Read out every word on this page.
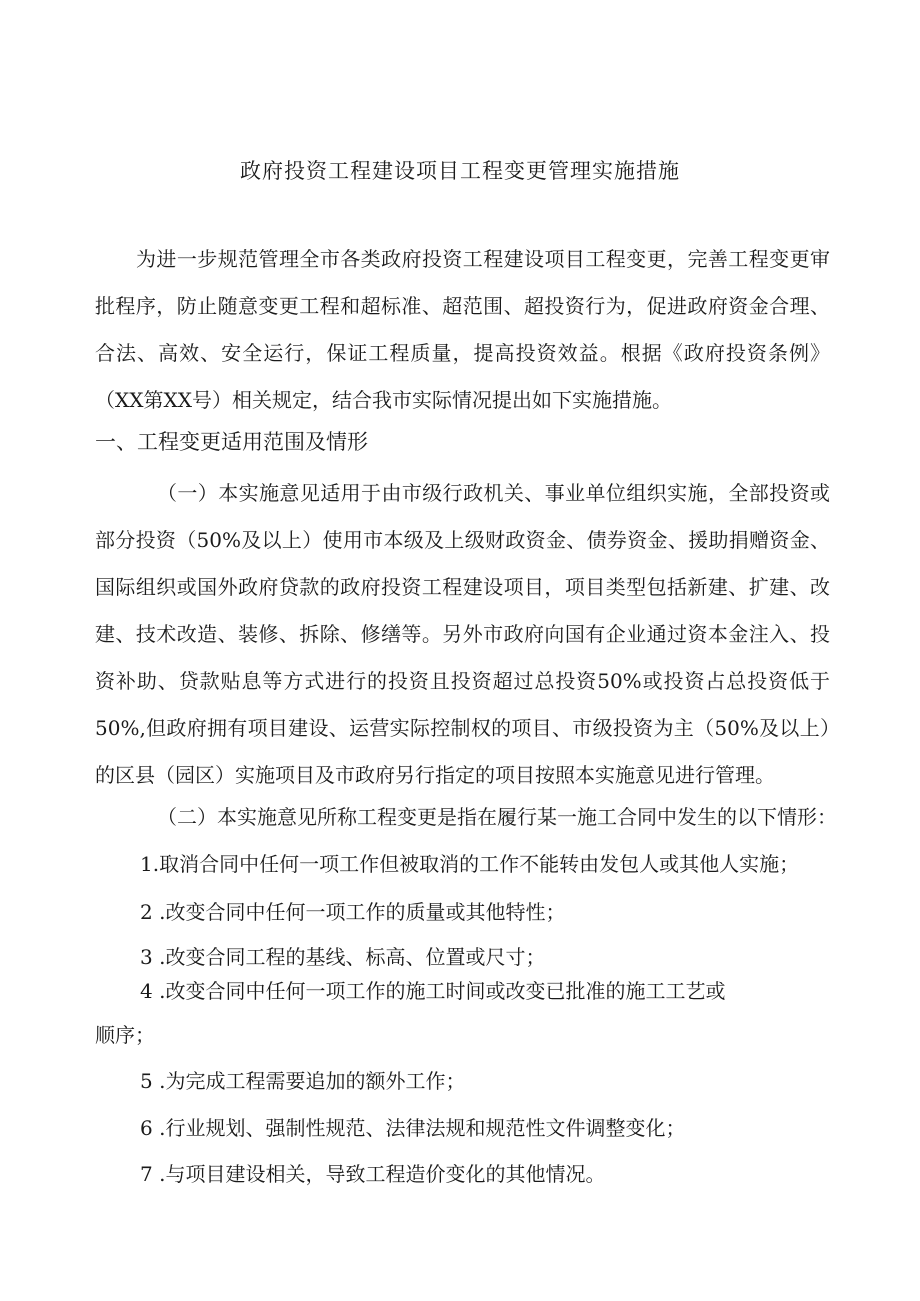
政府投资工程建设项目工程变更管理实施措施
为进一步规范管理全市各类政府投资工程建设项目工程变更，完善工程变更审批程序，防止随意变更工程和超标准、超范围、超投资行为，促进政府资金合理、合法、高效、安全运行，保证工程质量，提高投资效益。根据《政府投资条例》（XX第XX号）相关规定，结合我市实际情况提出如下实施措施。
一、工程变更适用范围及情形
（一）本实施意见适用于由市级行政机关、事业单位组织实施，全部投资或部分投资（50%及以上）使用市本级及上级财政资金、债券资金、援助捐赠资金、国际组织或国外政府贷款的政府投资工程建设项目，项目类型包括新建、扩建、改建、技术改造、装修、拆除、修缮等。另外市政府向国有企业通过资本金注入、投资补助、贷款贴息等方式进行的投资且投资超过总投资50%或投资占总投资低于50%,但政府拥有项目建设、运营实际控制权的项目、市级投资为主（50%及以上）的区县（园区）实施项目及市政府另行指定的项目按照本实施意见进行管理。
（二）本实施意见所称工程变更是指在履行某一施工合同中发生的以下情形：
1.取消合同中任何一项工作但被取消的工作不能转由发包人或其他人实施；
2 .改变合同中任何一项工作的质量或其他特性；
3 .改变合同工程的基线、标高、位置或尺寸；
4 .改变合同中任何一项工作的施工时间或改变已批准的施工工艺或
顺序；
5 .为完成工程需要追加的额外工作；
6 .行业规划、强制性规范、法律法规和规范性文件调整变化；
7 .与项目建设相关，导致工程造价变化的其他情况。
